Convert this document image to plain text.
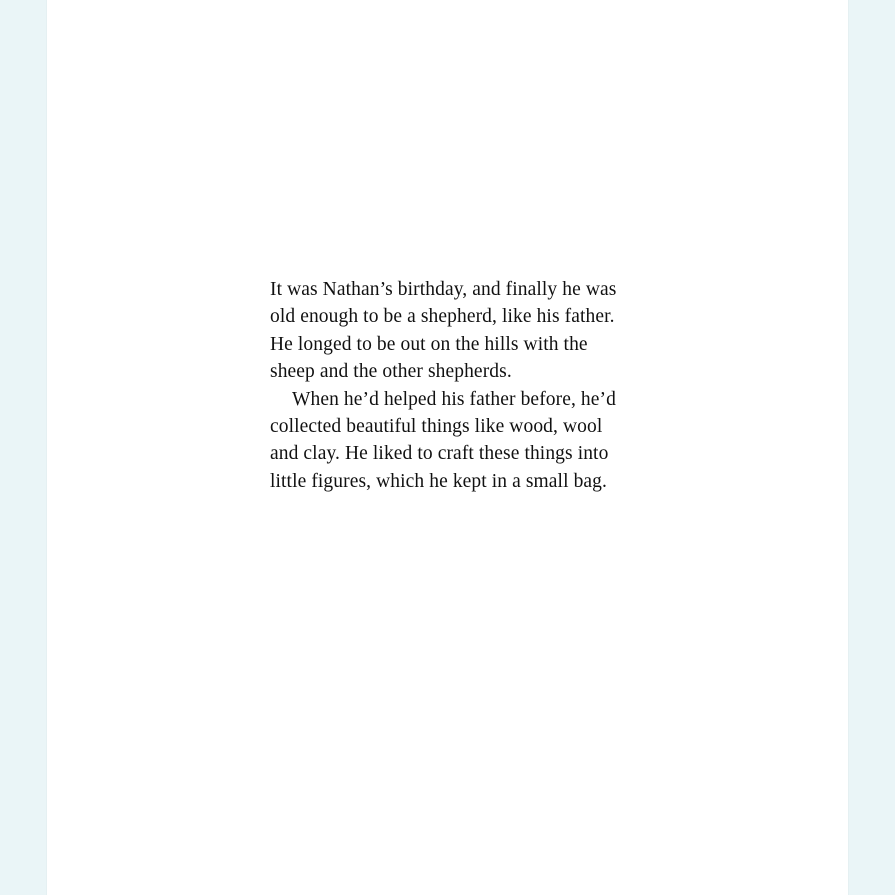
It was Nathan’s birthday, and finally he was old enough to be a shepherd, like his father. He longed to be out on the hills with the sheep and the other shepherds.

When he’d helped his father before, he’d collected beautiful things like wood, wool and clay. He liked to craft these things into little figures, which he kept in a small bag.
